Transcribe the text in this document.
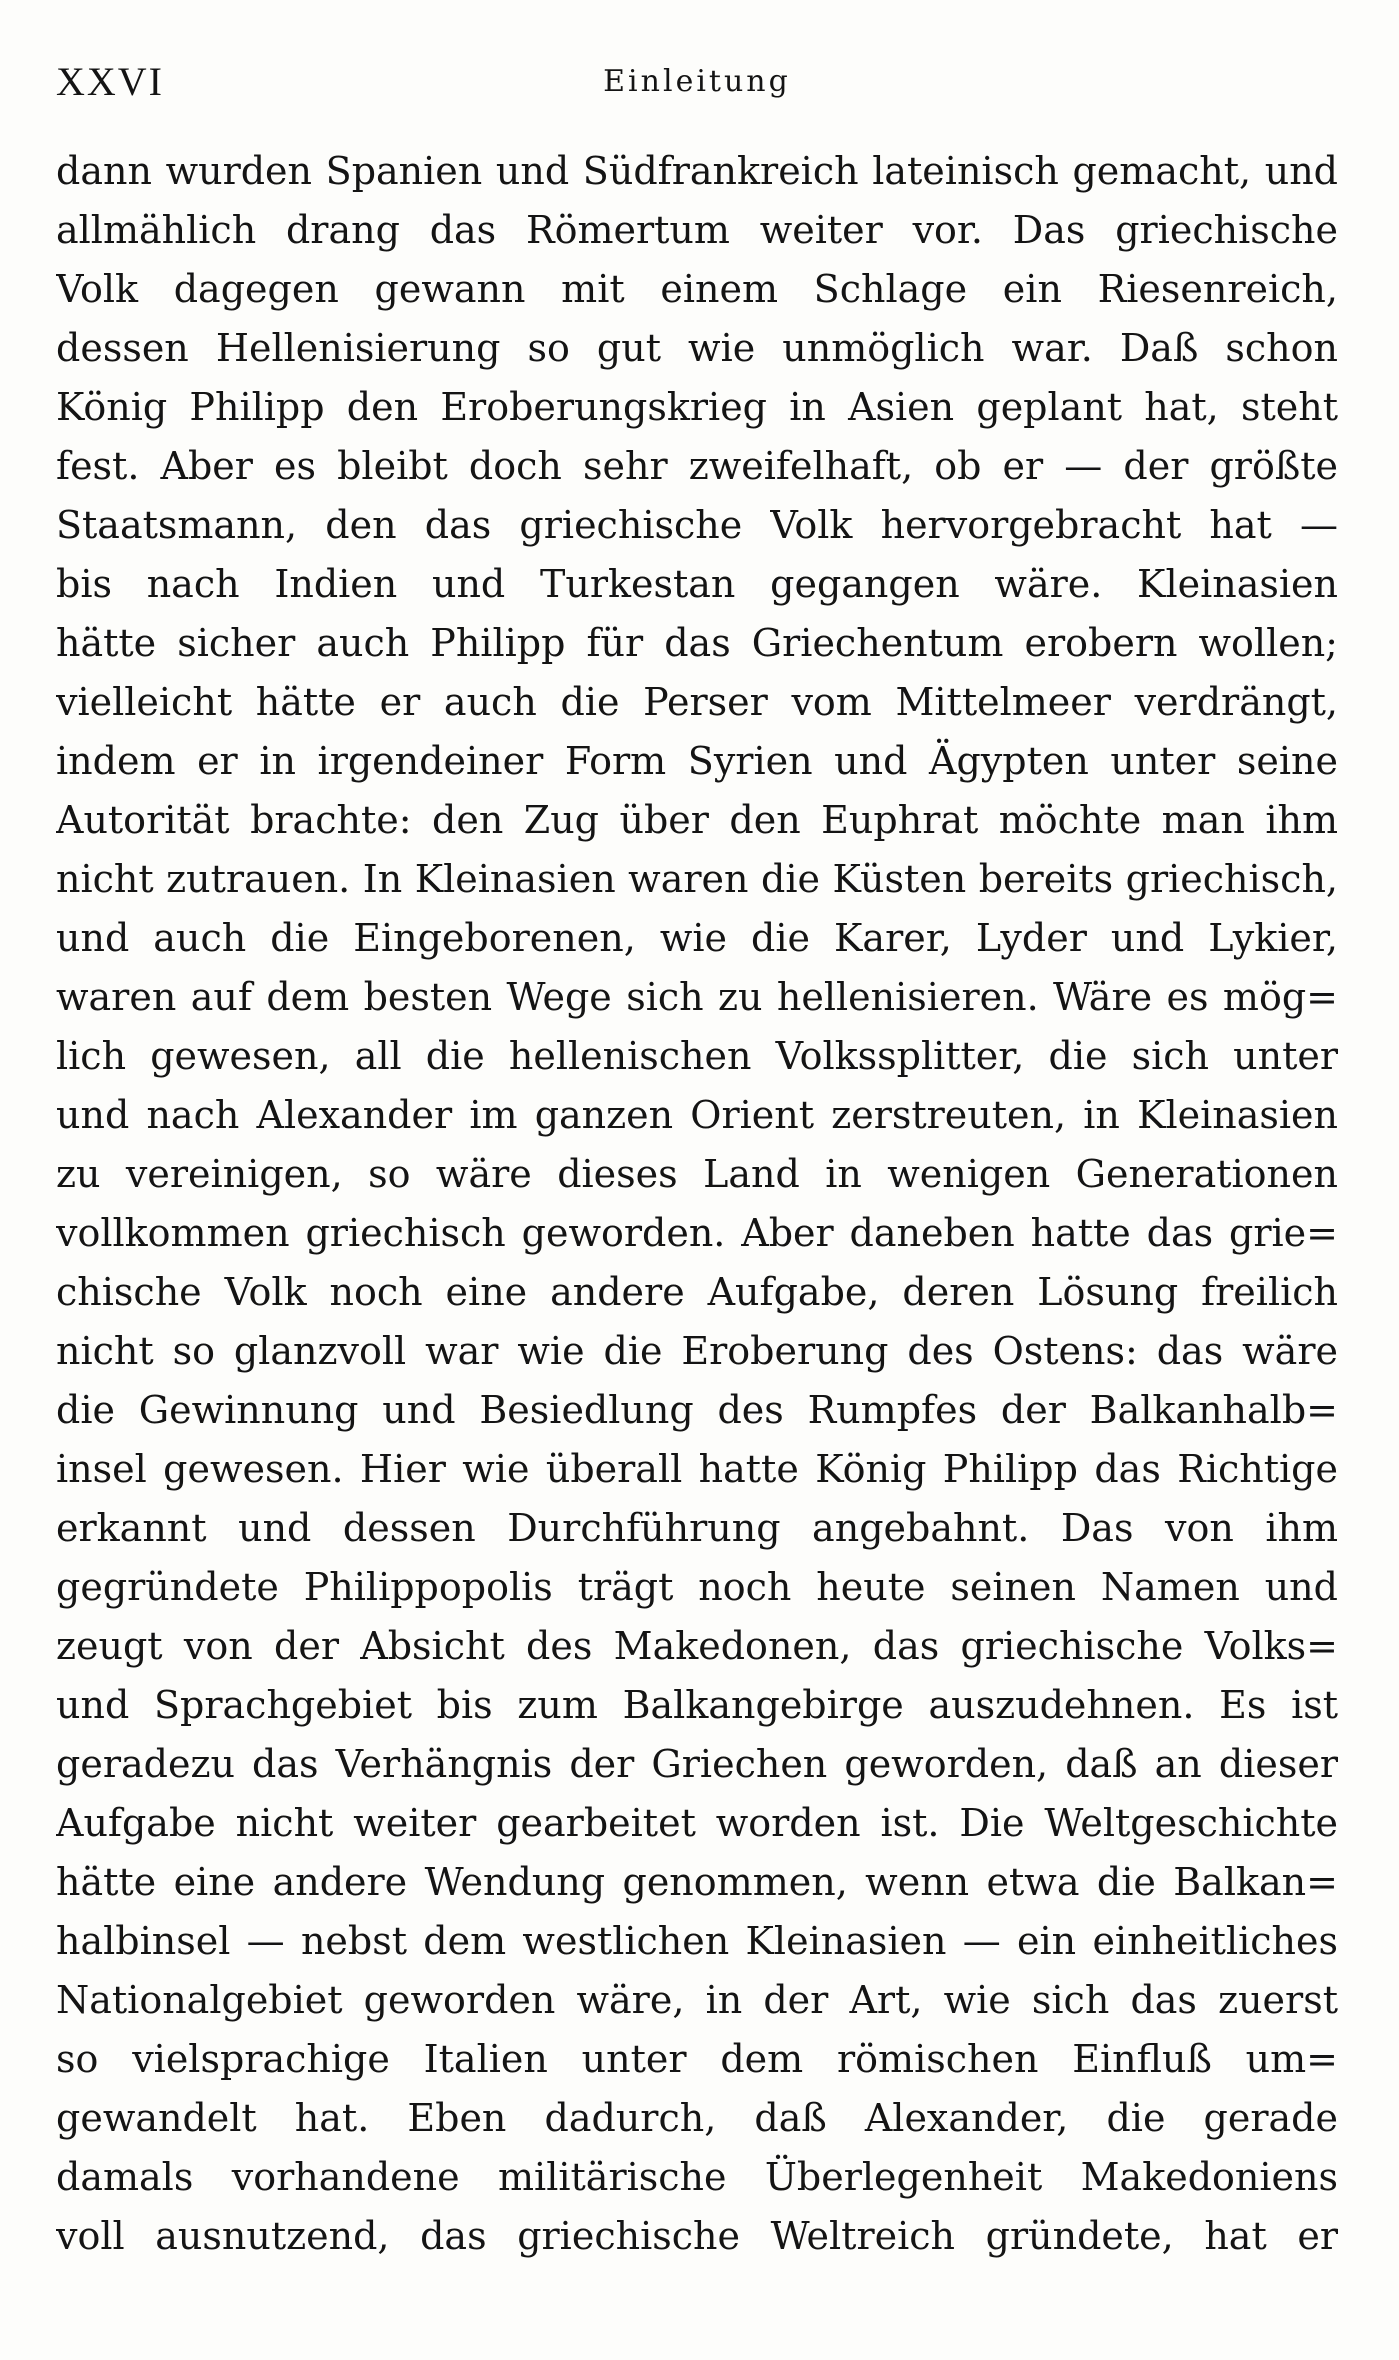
XXVI	Einleitung
dann wurden Spanien und Südfrankreich lateinisch gemacht, und
allmählich drang das Römertum weiter vor. Das griechische
Volk dagegen gewann mit einem Schlage ein Riesenreich,
dessen Hellenisierung so gut wie unmöglich war. Daß schon
König Philipp den Eroberungskrieg in Asien geplant hat, steht
fest. Aber es bleibt doch sehr zweifelhaft, ob er — der größte
Staatsmann, den das griechische Volk hervorgebracht hat —
bis nach Indien und Turkestan gegangen wäre. Kleinasien
hätte sicher auch Philipp für das Griechentum erobern wollen;
vielleicht hätte er auch die Perser vom Mittelmeer verdrängt,
indem er in irgendeiner Form Syrien und Ägypten unter seine
Autorität brachte: den Zug über den Euphrat möchte man ihm
nicht zutrauen. In Kleinasien waren die Küsten bereits griechisch,
und auch die Eingeborenen, wie die Karer, Lyder und Lykier,
waren auf dem besten Wege sich zu hellenisieren. Wäre es mög=
lich gewesen, all die hellenischen Volkssplitter, die sich unter
und nach Alexander im ganzen Orient zerstreuten, in Kleinasien
zu vereinigen, so wäre dieses Land in wenigen Generationen
vollkommen griechisch geworden. Aber daneben hatte das grie=
chische Volk noch eine andere Aufgabe, deren Lösung freilich
nicht so glanzvoll war wie die Eroberung des Ostens: das wäre
die Gewinnung und Besiedlung des Rumpfes der Balkanhalb=
insel gewesen. Hier wie überall hatte König Philipp das Richtige
erkannt und dessen Durchführung angebahnt. Das von ihm
gegründete Philippopolis trägt noch heute seinen Namen und
zeugt von der Absicht des Makedonen, das griechische Volks=
und Sprachgebiet bis zum Balkangebirge auszudehnen. Es ist
geradezu das Verhängnis der Griechen geworden, daß an dieser
Aufgabe nicht weiter gearbeitet worden ist. Die Weltgeschichte
hätte eine andere Wendung genommen, wenn etwa die Balkan=
halbinsel — nebst dem westlichen Kleinasien — ein einheitliches
Nationalgebiet geworden wäre, in der Art, wie sich das zuerst
so vielsprachige Italien unter dem römischen Einfluß um=
gewandelt hat. Eben dadurch, daß Alexander, die gerade
damals vorhandene militärische Überlegenheit Makedoniens
voll ausnutzend, das griechische Weltreich gründete, hat er
